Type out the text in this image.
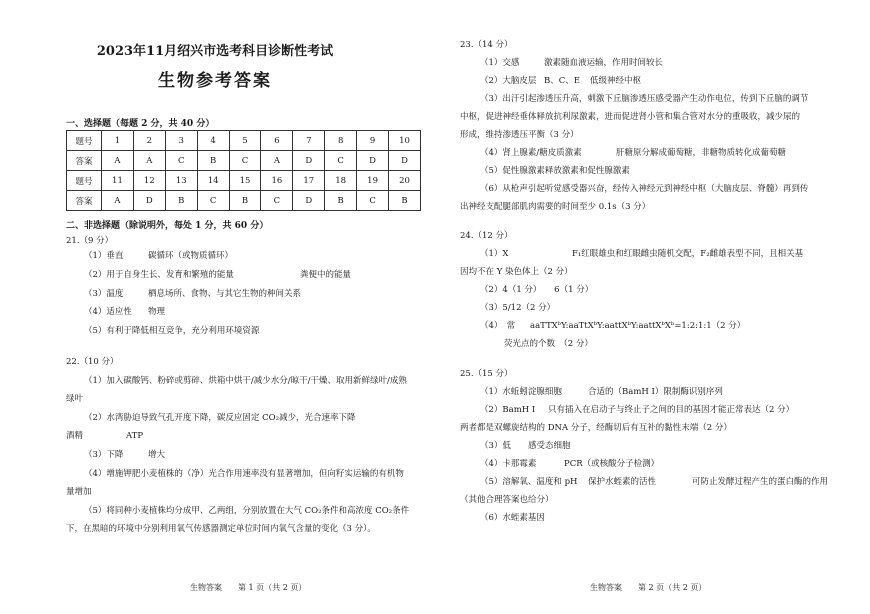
2023年11月绍兴市选考科目诊断性考试
生物参考答案
一、选择题（每题 2 分，共 40 分）
题号	1	2	3	4	5	6	7	8	9	10
答案	A	A	C	B	C	A	D	C	D	D
题号	11	12	13	14	15	16	17	18	19	20
答案	A	D	B	C	B	C	D	B	C	B
二、非选择题（除说明外，每处 1 分，共 60 分）
21.（9 分）
（1）垂直	碳循环（或物质循环）
（2）用于自身生长、发育和繁殖的能量	粪便中的能量
（3）温度	栖息场所、食物、与其它生物的种间关系
（4）适应性 物理
（5）有利于降低相互竞争，充分利用环境资源
22.（10 分）
（1）加入碳酸钙、粉碎或剪碎、烘箱中烘干/减少水分/晾干/干燥、取用新鲜绿叶/成熟
绿叶
（2）水湾胁迫导致气孔开度下降，碳反应固定 CO₂减少，光合速率下降
酒精	ATP
（3）下降	增大
（4）增施钾肥小麦植株的（净）光合作用速率没有显著增加，但向籽实运输的有机物
量增加
（5）将同种小麦植株均分成甲、乙两组，分别放置在大气 CO₂条件和高浓度 CO₂条件
下，在黑暗的环境中分别利用氧气传感器测定单位时间内氧气含量的变化（3 分）。
生物答案　　第 1 页（共 2 页）
23.（14 分）
（1）交感	激素随血液运输，作用时间较长
（2）大脑皮层 B、C、E 低级神经中枢
（3）出汗引起渗透压升高，刺激下丘脑渗透压感受器产生动作电位，传到下丘脑的调节
中枢，促进神经垂体释放抗利尿激素，进而促进肾小管和集合管对水分的重吸收，减少尿的
形成，维持渗透压平衡（3 分）
（4）肾上腺素/糖皮质激素	肝糖原分解成葡萄糖，非糖物质转化成葡萄糖
（5）促性腺激素释放激素和促性腺激素
（6）从枪声引起听觉感受器兴奋，经传入神经元到神经中枢（大脑皮层、脊髓）再到传
出神经支配腿部肌肉需要的时间至少 0.1s（3 分）
24.（12 分）
（1）X	F₁红眼雄虫和红眼雌虫随机交配，F₂雌雄表型不同，且相关基
因均不在 Y 染色体上（2 分）
（2）4（1 分）　　6（1 分）
（3）5/12（2 分）
（4）　常 aaTTXᵇY:aaTtXᵇY:aattXᵇY:aattXᵇXᵇ=1:2:1:1（2 分）
荧光点的个数　（2 分）
25.（15 分）
（1）水蚯蚓淀腺细胞	合适的（BamH I）限制酶识别序列
（2）BamH I 只有插入在启动子与终止子之间的目的基因才能正常表达（2 分）
两者都是双螺旋结构的 DNA 分子，经酶切后有互补的黏性末端（2 分）
（3）低 感受态细胞
（4）卡那霉素	PCR（或核酸分子检测）
（5）溶解氧、温度和 pH 保护水蛭素的活性	可防止发酵过程产生的蛋白酶的作用
（其他合理答案也给分）
（6）水蛭素基因
生物答案　　第 2 页（共 2 页）
